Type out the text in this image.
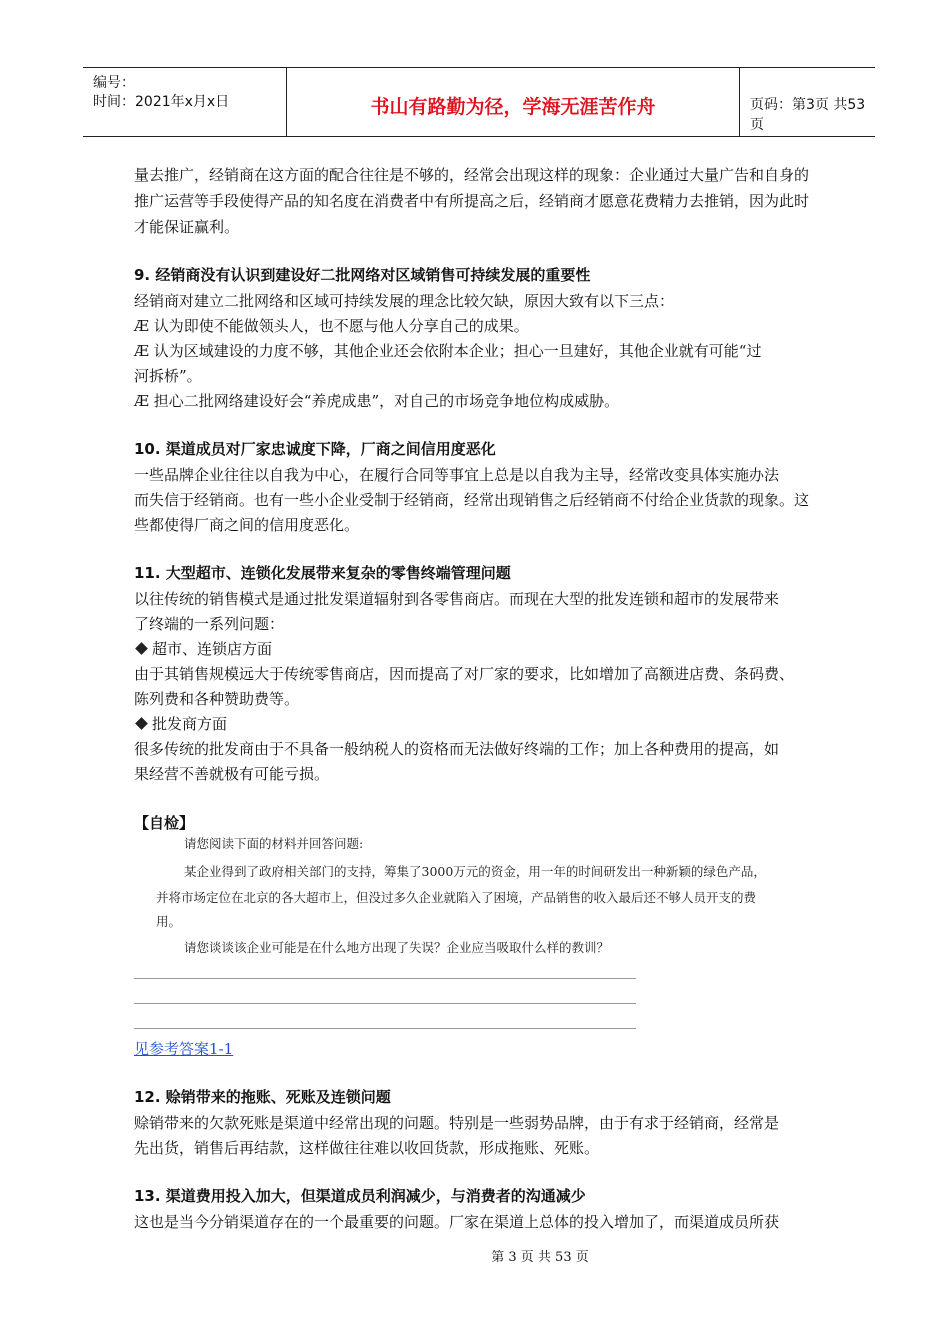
编号：
时间：2021年x月x日	书山有路勤为径，学海无涯苦作舟	页码：第3页 共53页

量去推广，经销商在这方面的配合往往是不够的，经常会出现这样的现象：企业通过大量广告和自身的

推广运营等手段使得产品的知名度在消费者中有所提高之后，经销商才愿意花费精力去推销，因为此时

才能保证赢利。

9. 经销商没有认识到建设好二批网络对区域销售可持续发展的重要性

经销商对建立二批网络和区域可持续发展的理念比较欠缺，原因大致有以下三点：

Æ 认为即使不能做领头人，也不愿与他人分享自己的成果。

Æ 认为区域建设的力度不够，其他企业还会依附本企业；担心一旦建好，其他企业就有可能“过

河拆桥”。

Æ 担心二批网络建设好会“养虎成患”，对自己的市场竞争地位构成威胁。

10. 渠道成员对厂家忠诚度下降，厂商之间信用度恶化

一些品牌企业往往以自我为中心，在履行合同等事宜上总是以自我为主导，经常改变具体实施办法

而失信于经销商。也有一些小企业受制于经销商，经常出现销售之后经销商不付给企业货款的现象。这

些都使得厂商之间的信用度恶化。

11. 大型超市、连锁化发展带来复杂的零售终端管理问题

以往传统的销售模式是通过批发渠道辐射到各零售商店。而现在大型的批发连锁和超市的发展带来

了终端的一系列问题：

超市、连锁店方面

由于其销售规模远大于传统零售商店，因而提高了对厂家的要求，比如增加了高额进店费、条码费、

陈列费和各种赞助费等。

批发商方面

很多传统的批发商由于不具备一般纳税人的资格而无法做好终端的工作；加上各种费用的提高，如

果经营不善就极有可能亏损。

【自检】

请您阅读下面的材料并回答问题:
某企业得到了政府相关部门的支持，筹集了3000万元的资金，用一年的时间研发出一种新颖的绿色产品，
并将市场定位在北京的各大超市上，但没过多久企业就陷入了困境，产品销售的收入最后还不够人员开支的费
用。
请您谈谈该企业可能是在什么地方出现了失误？企业应当吸取什么样的教训？
见参考答案1-1

12. 赊销带来的拖账、死账及连锁问题

赊销带来的欠款死账是渠道中经常出现的问题。特别是一些弱势品牌，由于有求于经销商，经常是

先出货，销售后再结款，这样做往往难以收回货款，形成拖账、死账。

13. 渠道费用投入加大，但渠道成员利润减少，与消费者的沟通减少

这也是当今分销渠道存在的一个最重要的问题。厂家在渠道上总体的投入增加了，而渠道成员所获

第 3 页 共 53 页
